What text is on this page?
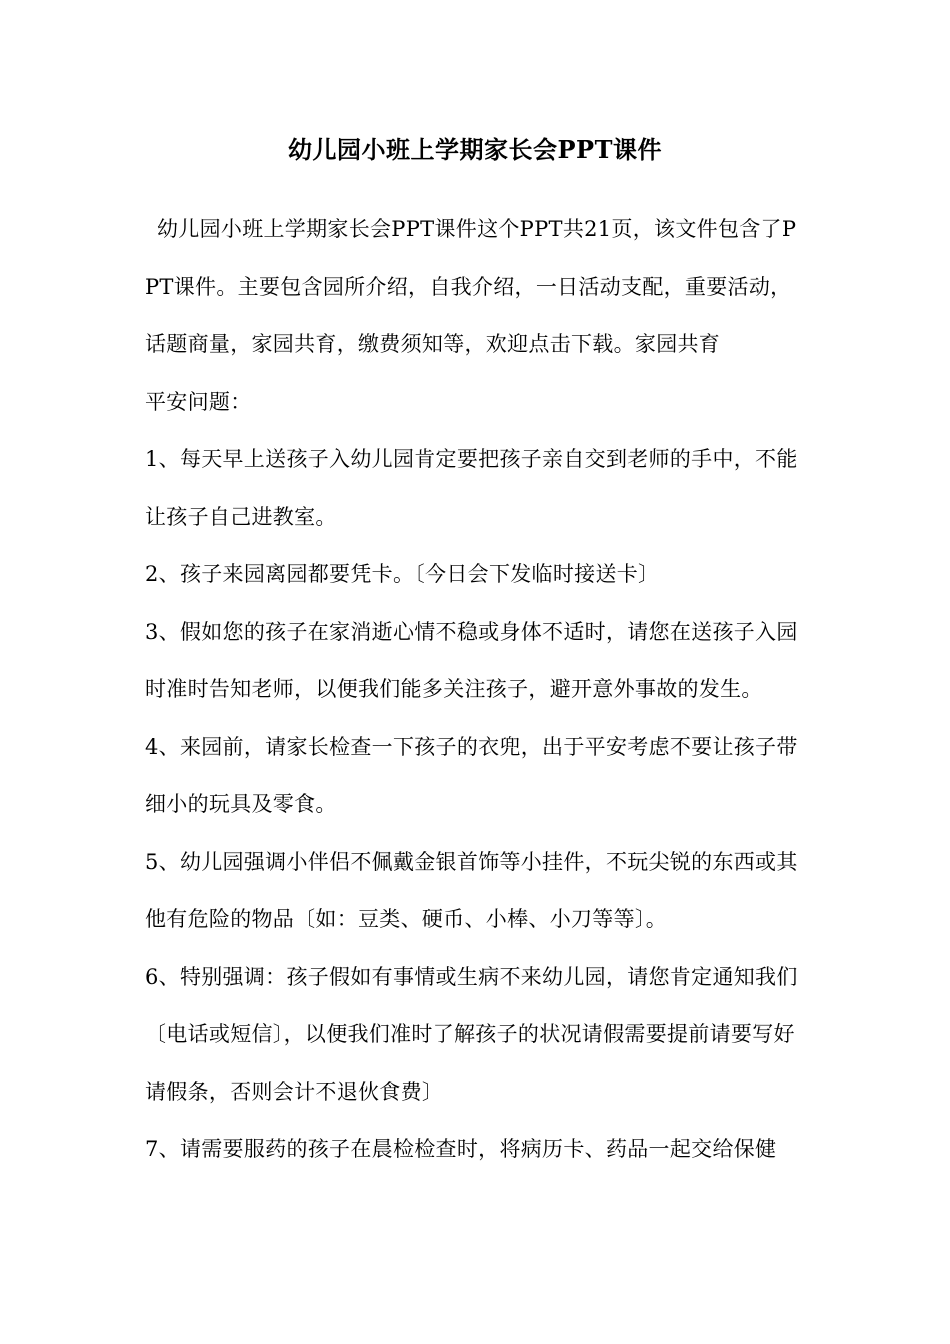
幼儿园小班上学期家长会PPT课件

幼儿园小班上学期家长会PPT课件这个PPT共21页，该文件包含了PPT课件。主要包含园所介绍，自我介绍，一日活动支配，重要活动，话题商量，家园共育，缴费须知等，欢迎点击下载。家园共育

平安问题：

1、每天早上送孩子入幼儿园肯定要把孩子亲自交到老师的手中，不能让孩子自己进教室。

2、孩子来园离园都要凭卡。〔今日会下发临时接送卡〕

3、假如您的孩子在家消逝心情不稳或身体不适时，请您在送孩子入园时准时告知老师，以便我们能多关注孩子，避开意外事故的发生。

4、来园前，请家长检查一下孩子的衣兜，出于平安考虑不要让孩子带细小的玩具及零食。

5、幼儿园强调小伴侣不佩戴金银首饰等小挂件，不玩尖锐的东西或其他有危险的物品〔如：豆类、硬币、小棒、小刀等等〕。

6、特别强调：孩子假如有事情或生病不来幼儿园，请您肯定通知我们〔电话或短信〕，以便我们准时了解孩子的状况请假需要提前请要写好请假条，否则会计不退伙食费〕

7、请需要服药的孩子在晨检检查时，将病历卡、药品一起交给保健
